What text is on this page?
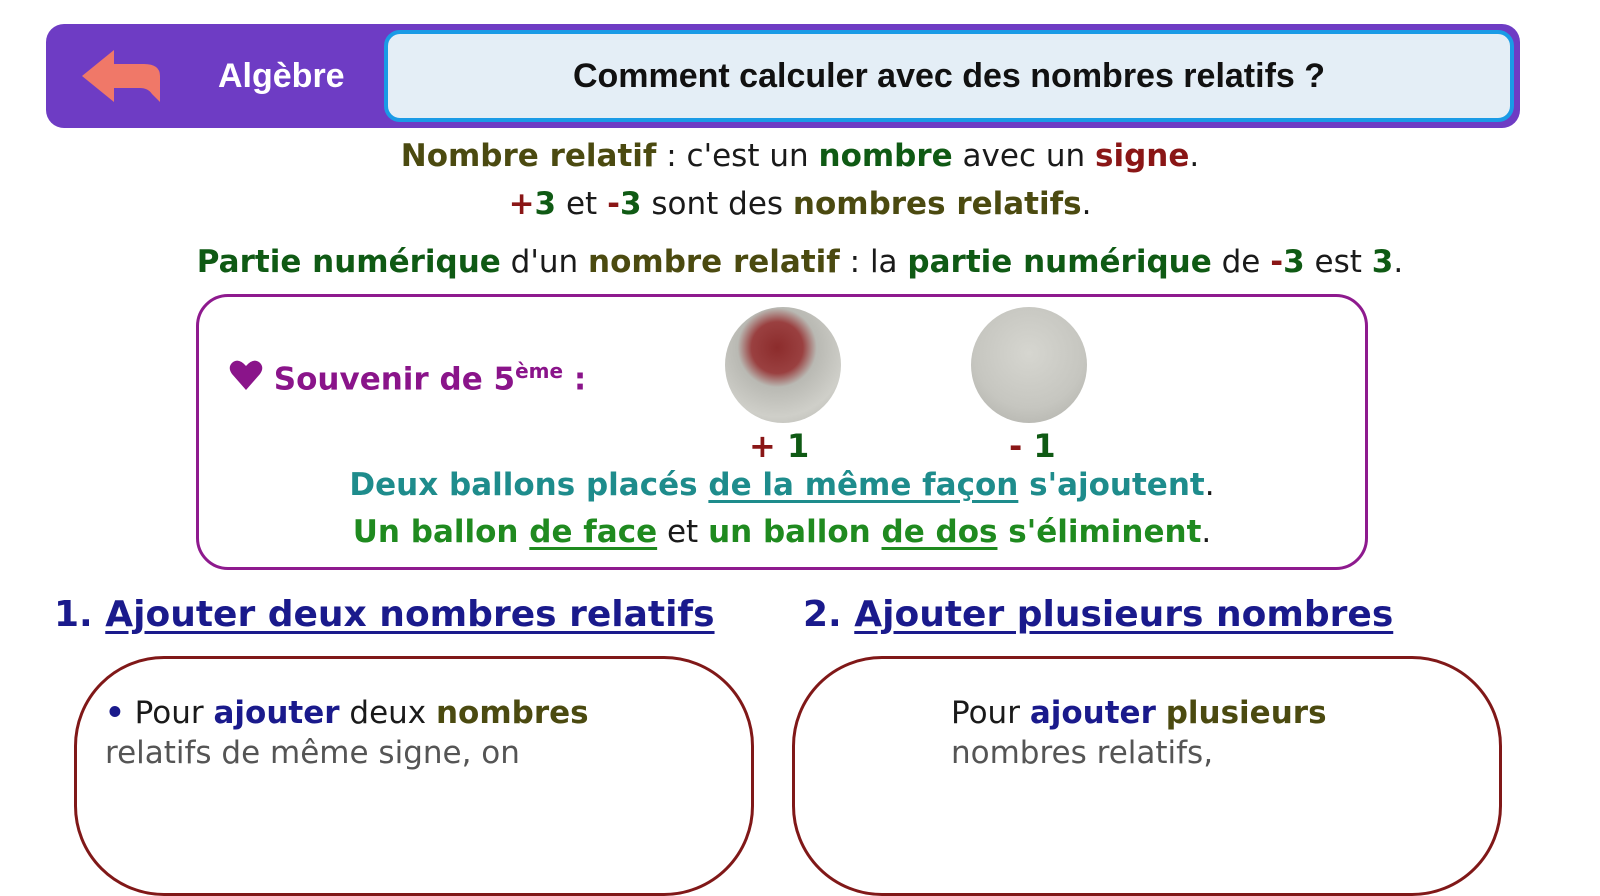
Algèbre	Comment calculer avec des nombres relatifs ?
Nombre relatif : c'est un nombre avec un signe.
+3 et -3 sont des nombres relatifs.
Partie numérique d'un nombre relatif : la partie numérique de -3 est 3.
Souvenir de 5ème :
+ 1	- 1
Deux ballons placés de la même façon s'ajoutent.
Un ballon de face et un ballon de dos s'éliminent.
1. Ajouter deux nombres relatifs 2. Ajouter plusieurs nombres
• Pour ajouter deux nombres
relatifs de même signe, on
Pour ajouter plusieurs
nombres relatifs,
